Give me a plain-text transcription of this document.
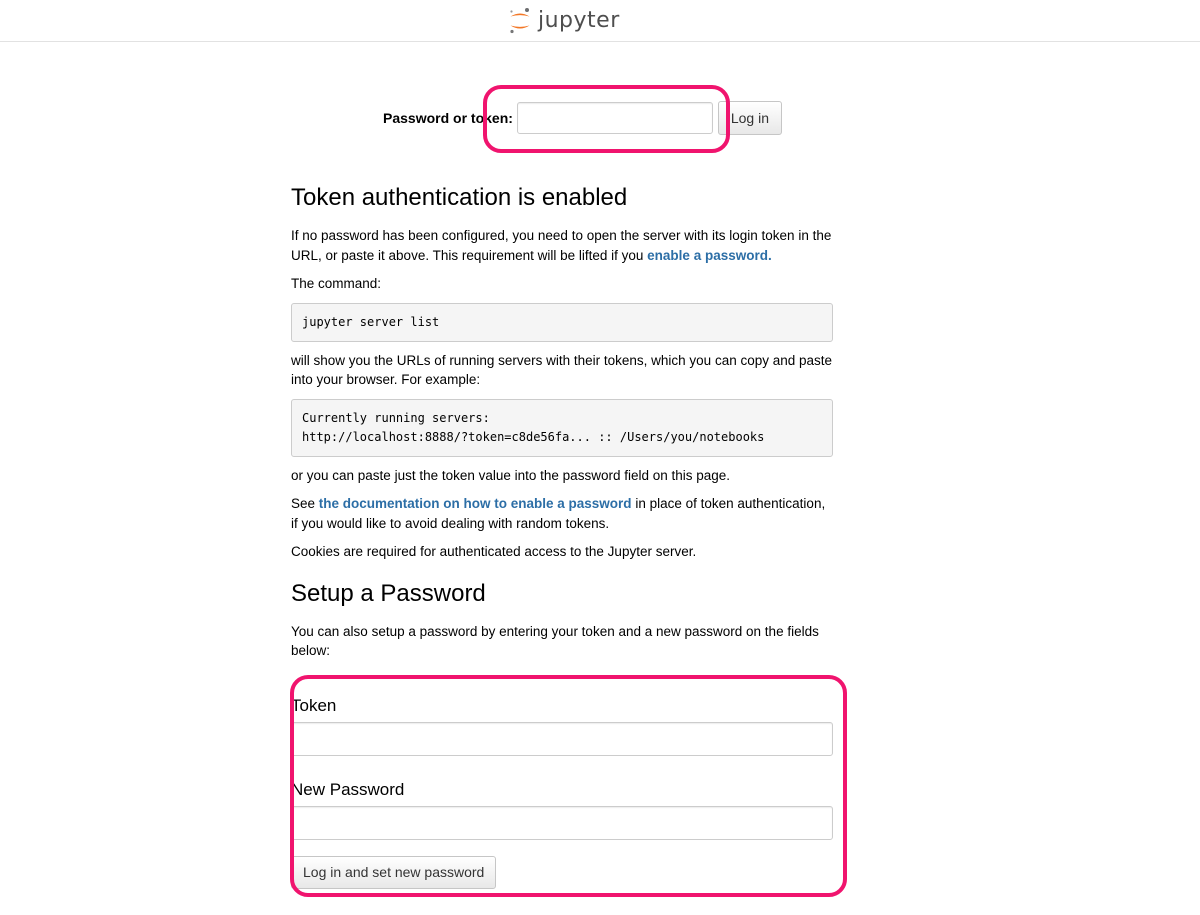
jupyter
Password or token:	Log in
Token authentication is enabled

If no password has been configured, you need to open the server with its login token in the URL, or paste it above. This requirement will be lifted if you enable a password.

The command:

jupyter server list

will show you the URLs of running servers with their tokens, which you can copy and paste into your browser. For example:

Currently running servers:
http://localhost:8888/?token=c8de56fa... :: /Users/you/notebooks

or you can paste just the token value into the password field on this page.

See the documentation on how to enable a password in place of token authentication, if you would like to avoid dealing with random tokens.

Cookies are required for authenticated access to the Jupyter server.

Setup a Password

You can also setup a password by entering your token and a new password on the fields below:

Token
New Password
Log in and set new password
